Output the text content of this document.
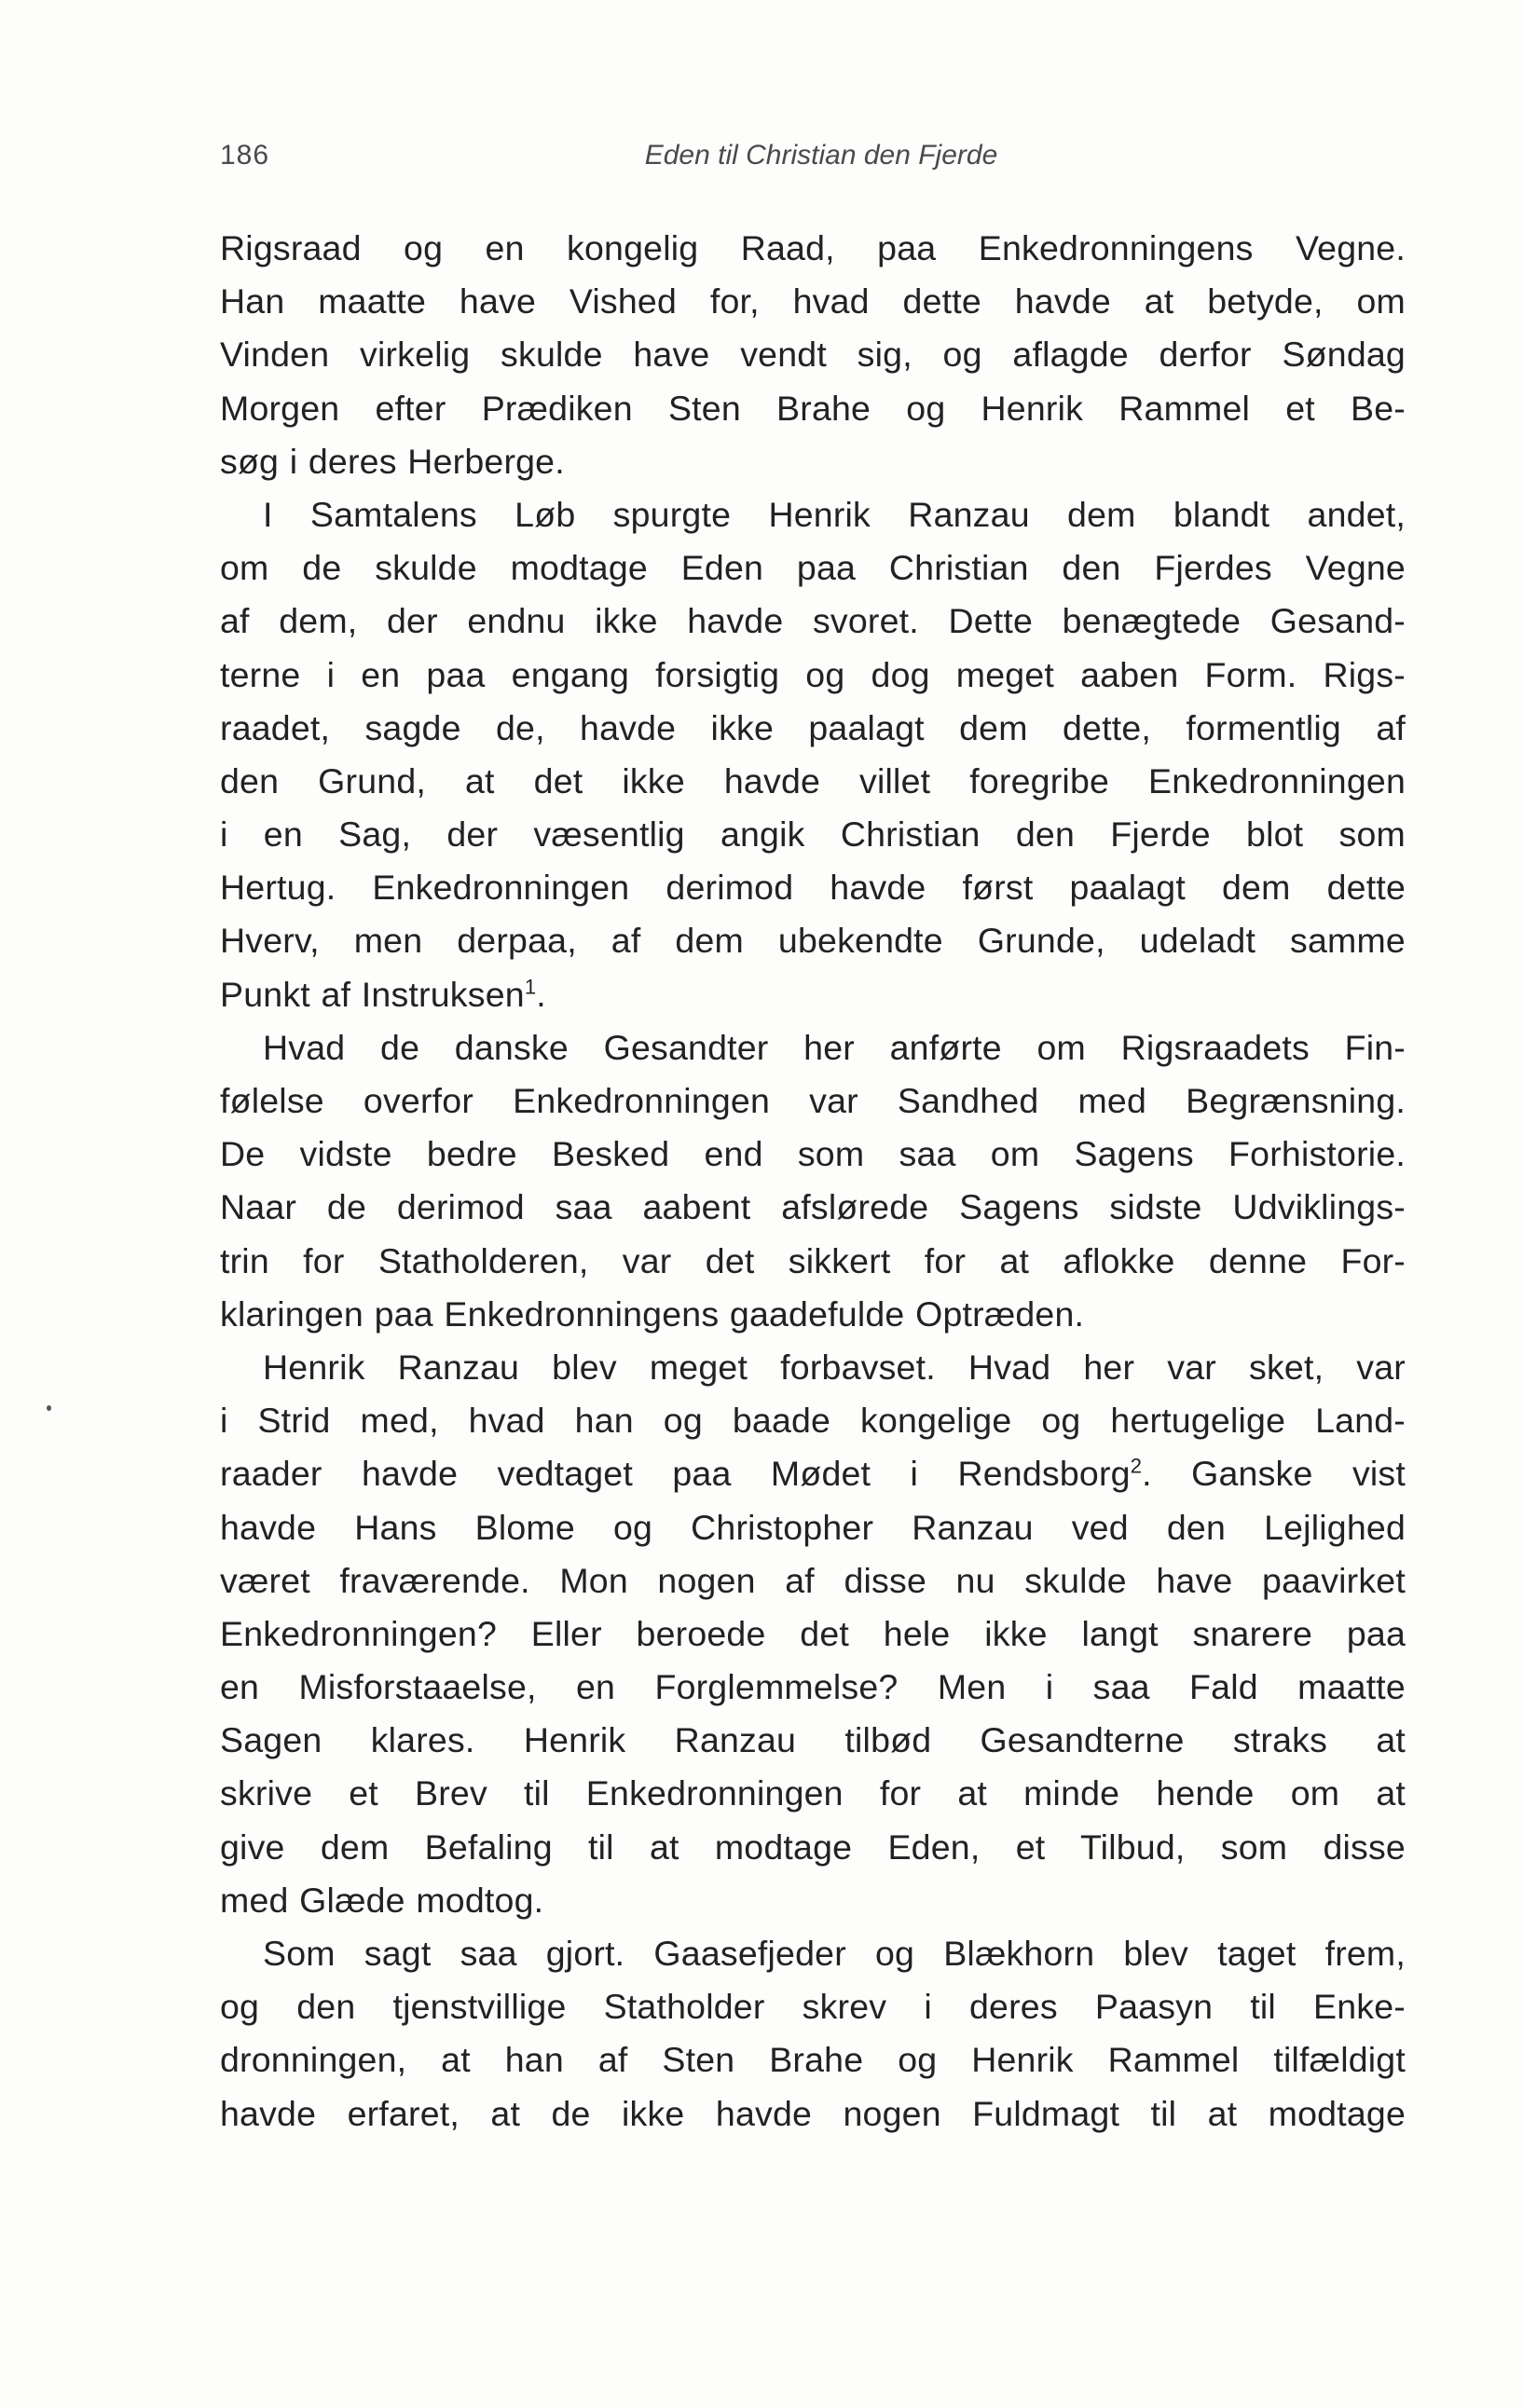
186	Eden til Christian den Fjerde
Rigsraad og en kongelig Raad, paa Enkedronningens Vegne.
Han maatte have Vished for, hvad dette havde at betyde, om
Vinden virkelig skulde have vendt sig, og aflagde derfor Søndag
Morgen efter Prædiken Sten Brahe og Henrik Rammel et Be-
søg i deres Herberge.
I Samtalens Løb spurgte Henrik Ranzau dem blandt andet,
om de skulde modtage Eden paa Christian den Fjerdes Vegne
af dem, der endnu ikke havde svoret. Dette benægtede Gesand-
terne i en paa engang forsigtig og dog meget aaben Form. Rigs-
raadet, sagde de, havde ikke paalagt dem dette, formentlig af
den Grund, at det ikke havde villet foregribe Enkedronningen
i en Sag, der væsentlig angik Christian den Fjerde blot som
Hertug. Enkedronningen derimod havde først paalagt dem dette
Hverv, men derpaa, af dem ubekendte Grunde, udeladt samme
Punkt af Instruksen$^1$.
Hvad de danske Gesandter her anførte om Rigsraadets Fin-
følelse overfor Enkedronningen var Sandhed med Begrænsning.
De vidste bedre Besked end som saa om Sagens Forhistorie.
Naar de derimod saa aabent afslørede Sagens sidste Udviklings-
trin for Statholderen, var det sikkert for at aflokke denne For-
klaringen paa Enkedronningens gaadefulde Optræden.
Henrik Ranzau blev meget forbavset. Hvad her var sket, var
i Strid med, hvad han og baade kongelige og hertugelige Land-
raader havde vedtaget paa Mødet i Rendsborg$^2$. Ganske vist
havde Hans Blome og Christopher Ranzau ved den Lejlighed
været fraværende. Mon nogen af disse nu skulde have paavirket
Enkedronningen? Eller beroede det hele ikke langt snarere paa
en Misforstaaelse, en Forglemmelse? Men i saa Fald maatte
Sagen klares. Henrik Ranzau tilbød Gesandterne straks at
skrive et Brev til Enkedronningen for at minde hende om at
give dem Befaling til at modtage Eden, et Tilbud, som disse
med Glæde modtog.
Som sagt saa gjort. Gaasefjeder og Blækhorn blev taget frem,
og den tjenstvillige Statholder skrev i deres Paasyn til Enke-
dronningen, at han af Sten Brahe og Henrik Rammel tilfældigt
havde erfaret, at de ikke havde nogen Fuldmagt til at modtage
